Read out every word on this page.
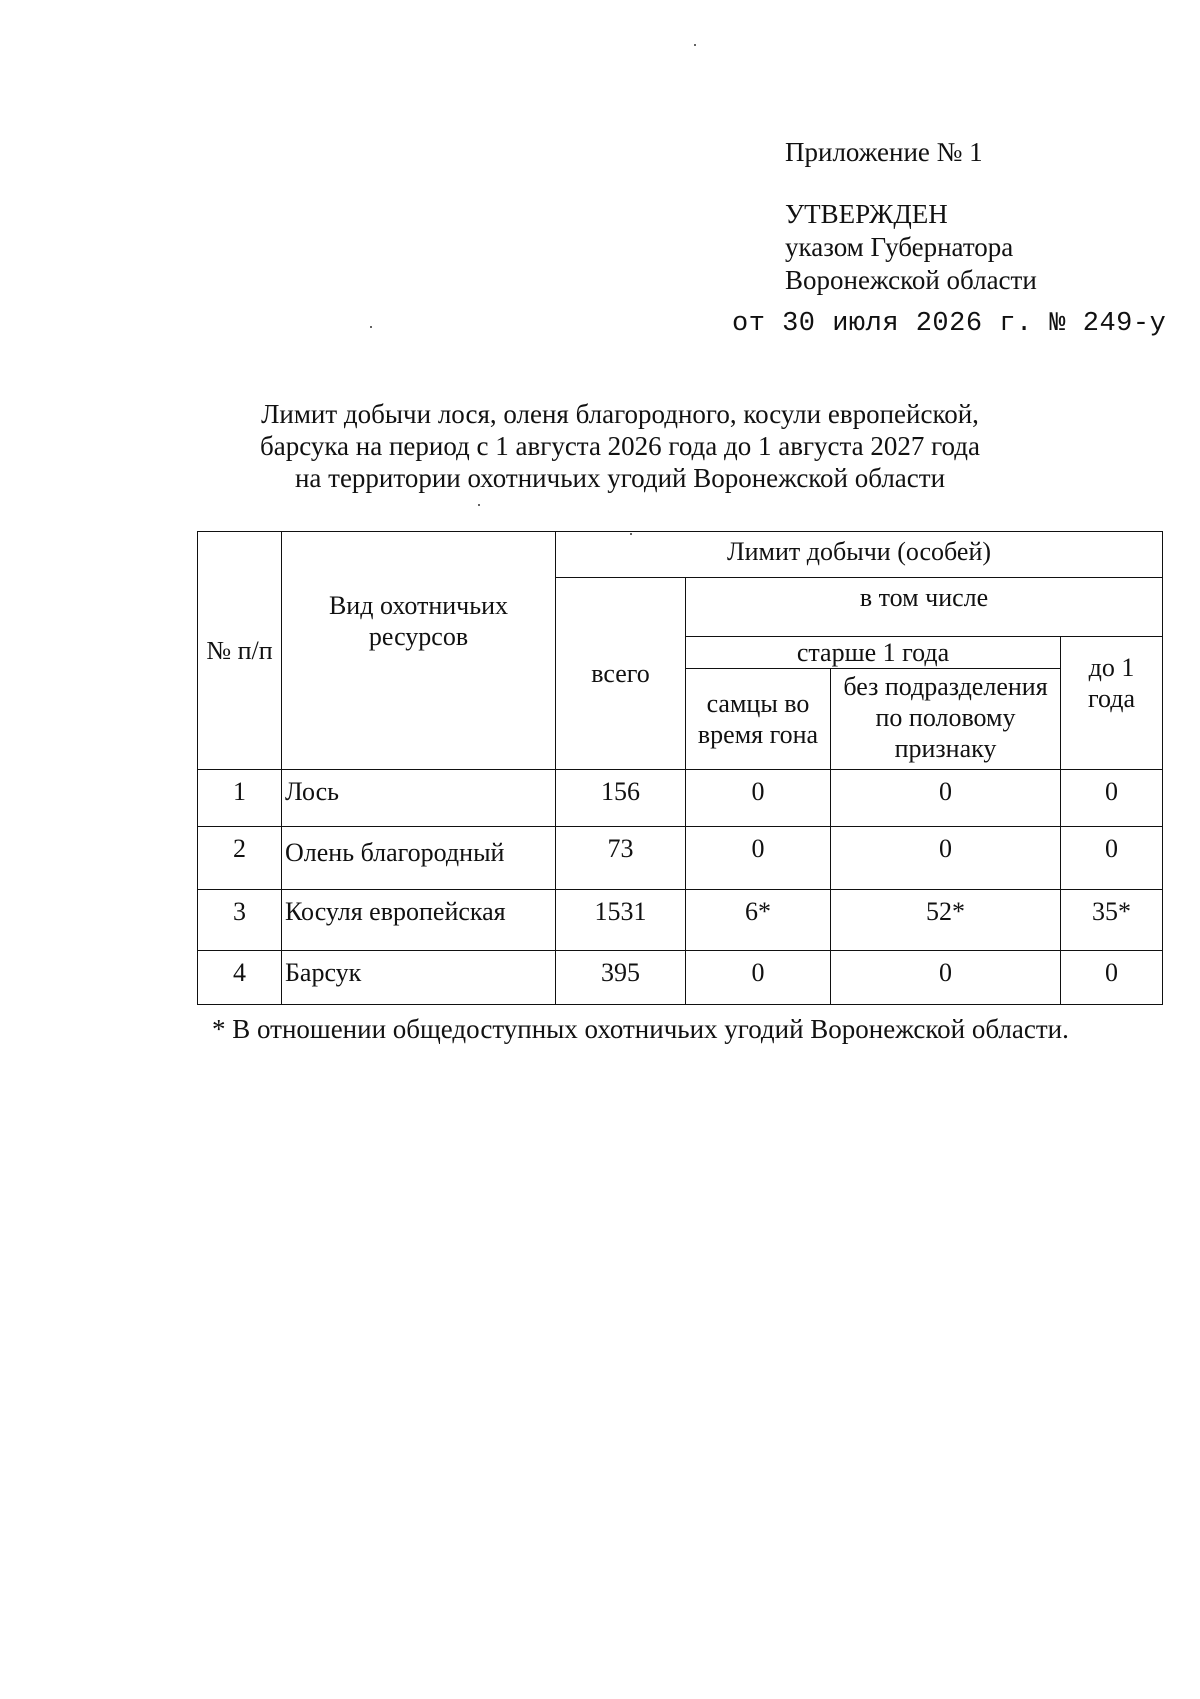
Приложение № 1
УТВЕРЖДЕН
указом Губернатора
Воронежской области
от 30 июля 2026 г. № 249-у
Лимит добычи лося, оленя благородного, косули европейской,
барсука на период с 1 августа 2026 года до 1 августа 2027 года
на территории охотничьих угодий Воронежской области
№ п/п	Вид охотничьих ресурсов	Лимит добычи (особей)			
		всего	в том числе		
			старше 1 года		до 1 года
			самцы во время гона	без подразделения по половому признаку	
1	Лось	156	0	0	0
2	Олень благородный	73	0	0	0
3	Косуля европейская	1531	6*	52*	35*
4	Барсук	395	0	0	0
* В отношении общедоступных охотничьих угодий Воронежской области.
